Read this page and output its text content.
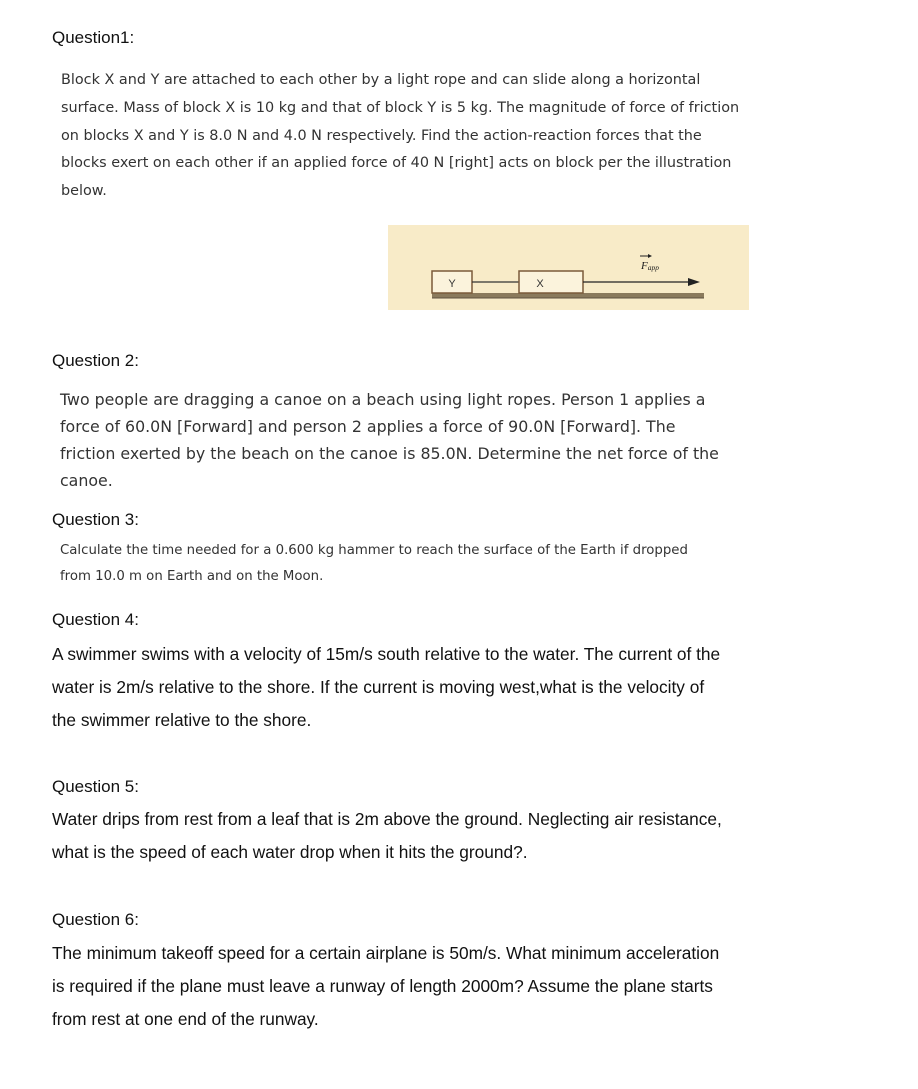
Question1:
Block X and Y are attached to each other by a light rope and can slide along a horizontal
surface. Mass of block X is 10 kg and that of block Y is 5 kg. The magnitude of force of friction
on blocks X and Y is 8.0 N and 4.0 N respectively. Find the action-reaction forces that the
blocks exert on each other if an applied force of 40 N [right] acts on block per the illustration
below.
Y	X
Fapp
Question 2:
Two people are dragging a canoe on a beach using light ropes. Person 1 applies a
force of 60.0N [Forward] and person 2 applies a force of 90.0N [Forward]. The
friction exerted by the beach on the canoe is 85.0N. Determine the net force of the
canoe.
Question 3:
Calculate the time needed for a 0.600 kg hammer to reach the surface of the Earth if dropped
from 10.0 m on Earth and on the Moon.
Question 4:
A swimmer swims with a velocity of 15m/s south relative to the water. The current of the
water is 2m/s relative to the shore. If the current is moving west,what is the velocity of
the swimmer relative to the shore.
Question 5:
Water drips from rest from a leaf that is 2m above the ground. Neglecting air resistance,
what is the speed of each water drop when it hits the ground?.
Question 6:
The minimum takeoff speed for a certain airplane is 50m/s. What minimum acceleration
is required if the plane must leave a runway of length 2000m? Assume the plane starts
from rest at one end of the runway.
